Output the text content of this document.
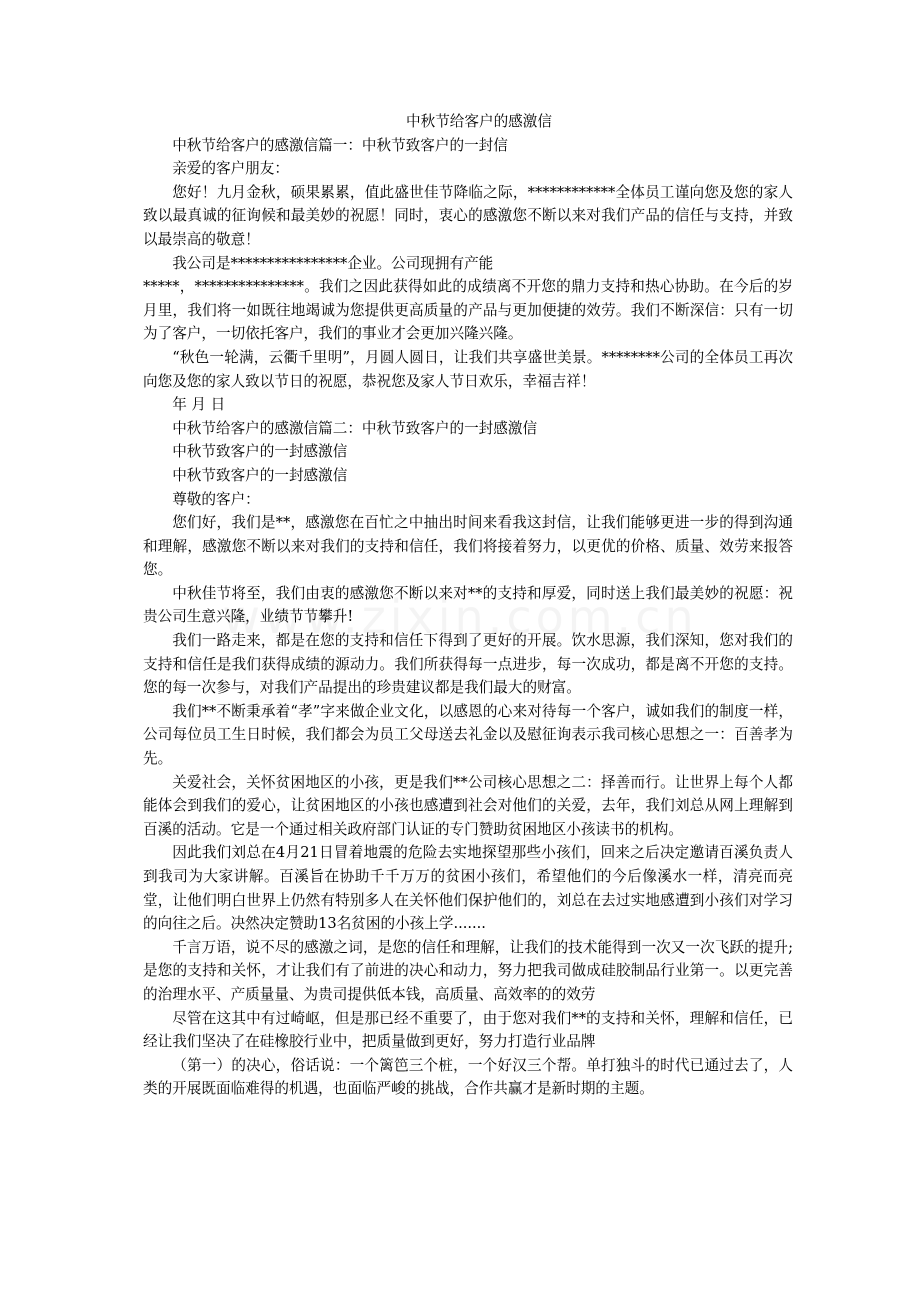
中秋节给客户的感激信

中秋节给客户的感激信篇一：中秋节致客户的一封信

亲爱的客户朋友：

您好！九月金秋，硕果累累，值此盛世佳节降临之际，************全体员工谨向您及您的家人致以最真诚的征询候和最美妙的祝愿！同时，衷心的感激您不断以来对我们产品的信任与支持，并致以最崇高的敬意！

我公司是****************企业。公司现拥有产能

*****，***************。我们之因此获得如此的成绩离不开您的鼎力支持和热心协助。在今后的岁月里，我们将一如既往地竭诚为您提供更高质量的产品与更加便捷的效劳。我们不断深信：只有一切为了客户，一切依托客户，我们的事业才会更加兴隆兴隆。

“秋色一轮满，云衢千里明”，月圆人圆日，让我们共享盛世美景。********公司的全体员工再次向您及您的家人致以节日的祝愿，恭祝您及家人节日欢乐，幸福吉祥！

年 月 日

中秋节给客户的感激信篇二：中秋节致客户的一封感激信

中秋节致客户的一封感激信

中秋节致客户的一封感激信

尊敬的客户：

您们好，我们是**，感激您在百忙之中抽出时间来看我这封信，让我们能够更进一步的得到沟通和理解，感激您不断以来对我们的支持和信任，我们将接着努力，以更优的价格、质量、效劳来报答您。

中秋佳节将至，我们由衷的感激您不断以来对**的支持和厚爱，同时送上我们最美妙的祝愿：祝贵公司生意兴隆，业绩节节攀升!

我们一路走来，都是在您的支持和信任下得到了更好的开展。饮水思源，我们深知，您对我们的支持和信任是我们获得成绩的源动力。我们所获得每一点进步，每一次成功，都是离不开您的支持。您的每一次参与，对我们产品提出的珍贵建议都是我们最大的财富。

我们**不断秉承着“孝”字来做企业文化，以感恩的心来对待每一个客户，诚如我们的制度一样，公司每位员工生日时候，我们都会为员工父母送去礼金以及慰征询表示我司核心思想之一：百善孝为先。

关爱社会，关怀贫困地区的小孩，更是我们**公司核心思想之二：择善而行。让世界上每个人都能体会到我们的爱心，让贫困地区的小孩也感遭到社会对他们的关爱，去年，我们刘总从网上理解到百溪的活动。它是一个通过相关政府部门认证的专门赞助贫困地区小孩读书的机构。

因此我们刘总在4月21日冒着地震的危险去实地探望那些小孩们，回来之后决定邀请百溪负责人到我司为大家讲解。百溪旨在协助千千万万的贫困小孩们，希望他们的今后像溪水一样，清亮而亮堂，让他们明白世界上仍然有特别多人在关怀他们保护他们的，刘总在去过实地感遭到小孩们对学习的向往之后。决然决定赞助13名贫困的小孩上学.......

千言万语，说不尽的感激之词，是您的信任和理解，让我们的技术能得到一次又一次飞跃的提升; 是您的支持和关怀，才让我们有了前进的决心和动力，努力把我司做成硅胶制品行业第一。以更完善的治理水平、产质量量、为贵司提供低本钱，高质量、高效率的的效劳

尽管在这其中有过崎岖，但是那已经不重要了，由于您对我们**的支持和关怀，理解和信任，已经让我们坚决了在硅橡胶行业中，把质量做到更好，努力打造行业品牌

（第一）的决心，俗话说：一个篱笆三个桩，一个好汉三个帮。单打独斗的时代已通过去了，人类的开展既面临难得的机遇，也面临严峻的挑战，合作共赢才是新时期的主题。
